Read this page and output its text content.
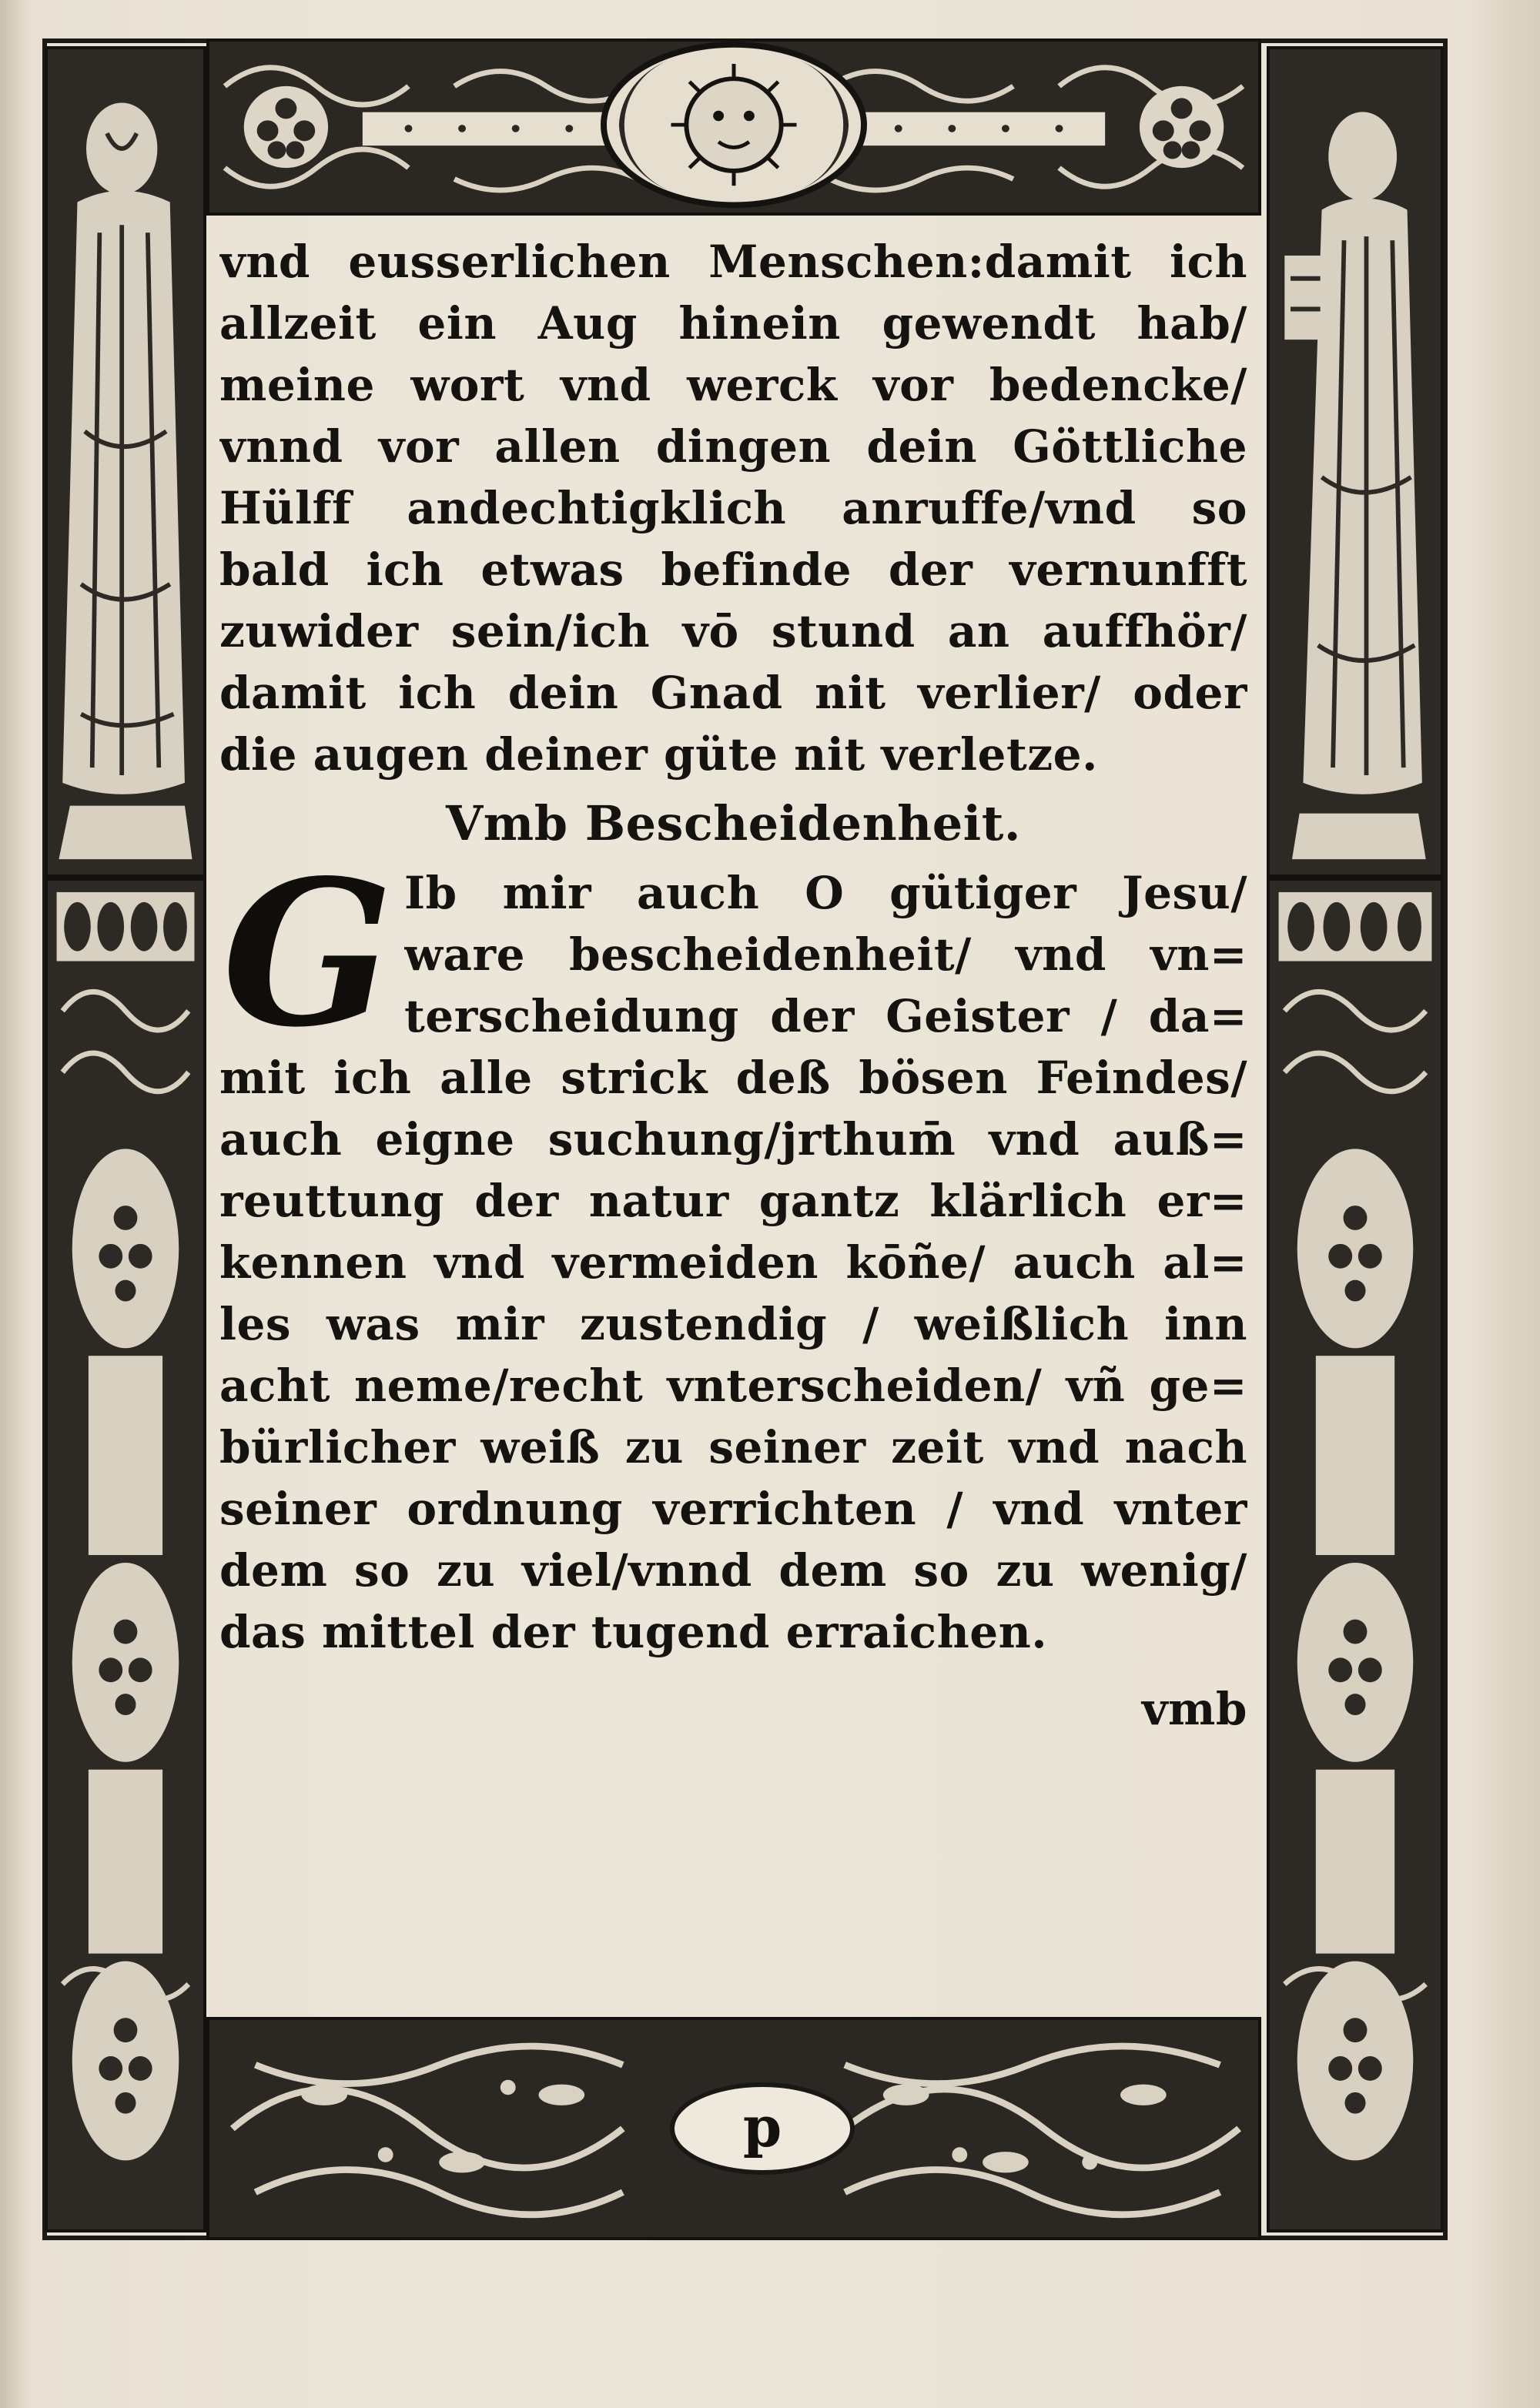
vnd eusserlichen Menschen:damit ich
allzeit ein Aug hinein gewendt hab/
meine wort vnd werck vor bedencke/
vnnd vor allen dingen dein Göttliche
Hülff andechtigklich anruffe/vnd so
bald ich etwas befinde der vernunfft
zuwider sein/ich vō stund an auffhör/
damit ich dein Gnad nit verlier/ oder
die augen deiner güte nit verletze.
Vmb Bescheidenheit.
G Ib mir auch O gütiger Jesu/
ware bescheidenheit/ vnd vn=
terscheidung der Geister / da=
mit ich alle strick deß bösen Feindes/
auch eigne suchung/jrthum̄ vnd auß=
reuttung der natur gantz klärlich er=
kennen vnd vermeiden kōñe/ auch al=
les was mir zustendig / weißlich inn
acht neme/recht vnterscheiden/ vñ ge=
bürlicher weiß zu seiner zeit vnd nach
seiner ordnung verrichten / vnd vnter
dem so zu viel/vnnd dem so zu wenig/
das mittel der tugend erraichen.
vmb
p
